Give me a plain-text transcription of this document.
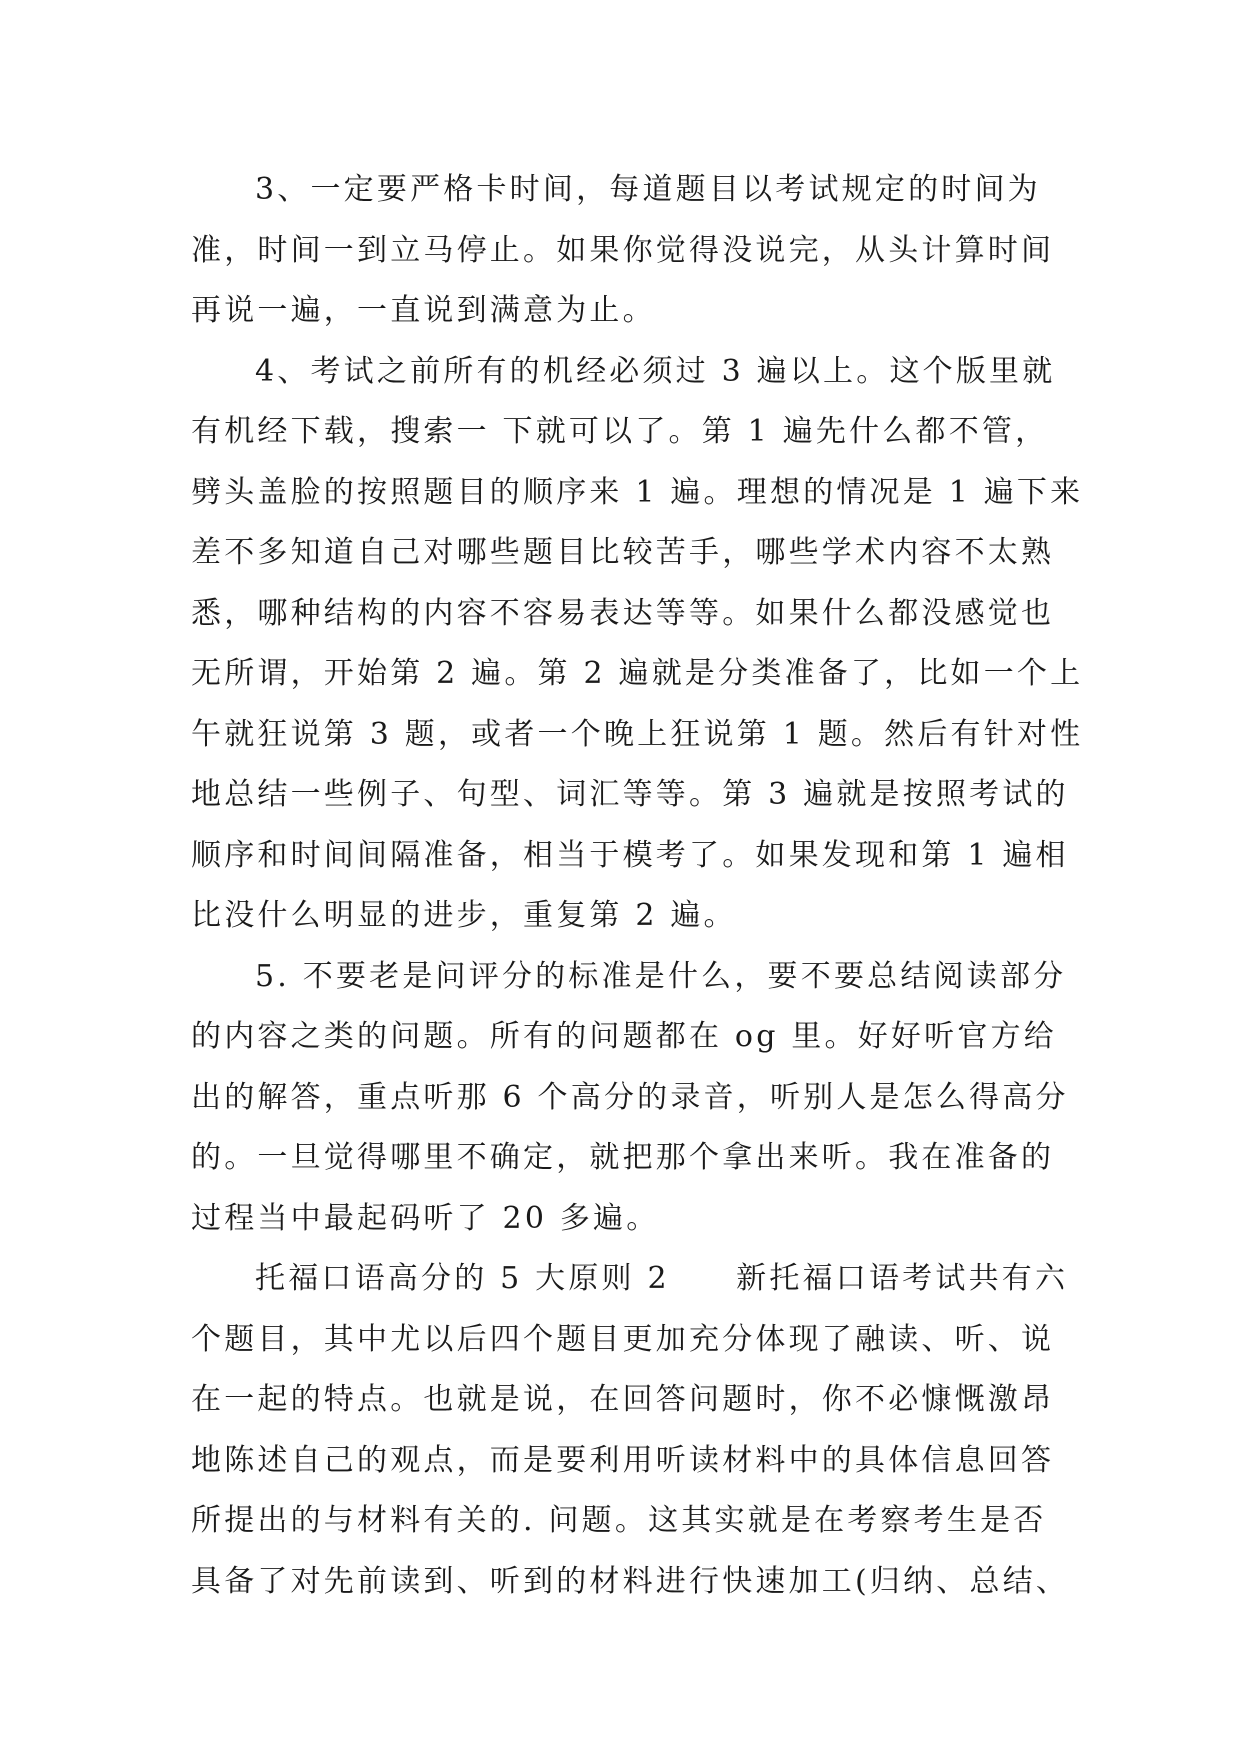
3、一定要严格卡时间，每道题目以考试规定的时间为
准，时间一到立马停止。如果你觉得没说完，从头计算时间
再说一遍，一直说到满意为止。
4、考试之前所有的机经必须过 3 遍以上。这个版里就
有机经下载，搜索一 下就可以了。第 1 遍先什么都不管，
劈头盖脸的按照题目的顺序来 1 遍。理想的情况是 1 遍下来
差不多知道自己对哪些题目比较苦手，哪些学术内容不太熟
悉，哪种结构的内容不容易表达等等。如果什么都没感觉也
无所谓，开始第 2 遍。第 2 遍就是分类准备了，比如一个上
午就狂说第 3 题，或者一个晚上狂说第 1 题。然后有针对性
地总结一些例子、句型、词汇等等。第 3 遍就是按照考试的
顺序和时间间隔准备，相当于模考了。如果发现和第 1 遍相
比没什么明显的进步，重复第 2 遍。
5. 不要老是问评分的标准是什么，要不要总结阅读部分
的内容之类的问题。所有的问题都在 og 里。好好听官方给
出的解答，重点听那 6 个高分的录音，听别人是怎么得高分
的。一旦觉得哪里不确定，就把那个拿出来听。我在准备的
过程当中最起码听了 20 多遍。
托福口语高分的 5 大原则 2　　新托福口语考试共有六
个题目，其中尤以后四个题目更加充分体现了融读、听、说
在一起的特点。也就是说，在回答问题时，你不必慷慨激昂
地陈述自己的观点，而是要利用听读材料中的具体信息回答
所提出的与材料有关的. 问题。这其实就是在考察考生是否
具备了对先前读到、听到的材料进行快速加工(归纳、总结、
